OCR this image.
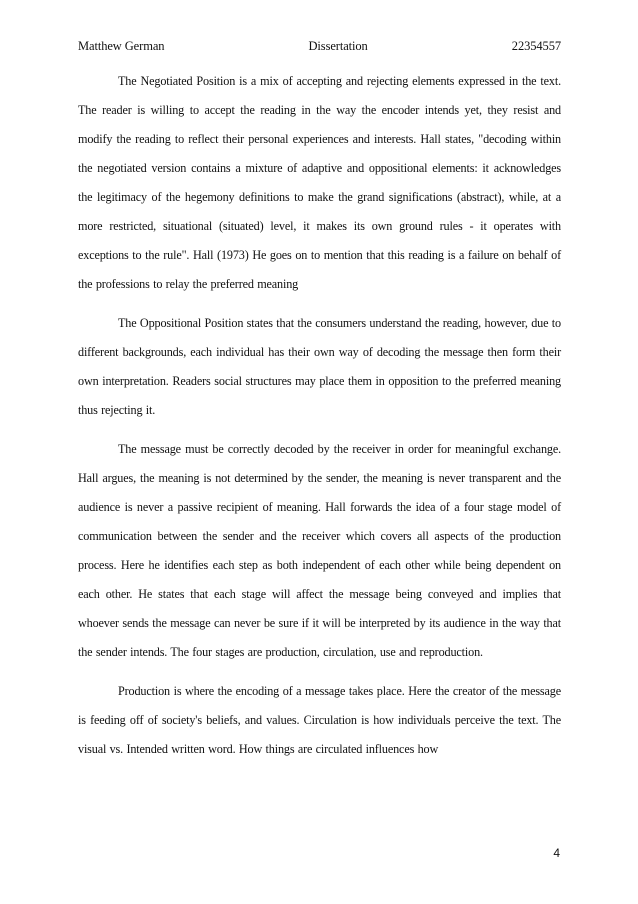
Matthew German	Dissertation	22354557

The Negotiated Position is a mix of accepting and rejecting elements expressed in the text. The reader is willing to accept the reading in the way the encoder intends yet, they resist and modify the reading to reflect their personal experiences and interests. Hall states, "decoding within the negotiated version contains a mixture of adaptive and oppositional elements: it acknowledges the legitimacy of the hegemony definitions to make the grand significations (abstract), while, at a more restricted, situational (situated) level, it makes its own ground rules - it operates with exceptions to the rule". Hall (1973) He goes on to mention that this reading is a failure on behalf of the professions to relay the preferred meaning

The Oppositional Position states that the consumers understand the reading, however, due to different backgrounds, each individual has their own way of decoding the message then form their own interpretation. Readers social structures may place them in opposition to the preferred meaning thus rejecting it.

The message must be correctly decoded by the receiver in order for meaningful exchange. Hall argues, the meaning is not determined by the sender, the meaning is never transparent and the audience is never a passive recipient of meaning. Hall forwards the idea of a four stage model of communication between the sender and the receiver which covers all aspects of the production process. Here he identifies each step as both independent of each other while being dependent on each other. He states that each stage will affect the message being conveyed and implies that whoever sends the message can never be sure if it will be interpreted by its audience in the way that the sender intends. The four stages are production, circulation, use and reproduction.

Production is where the encoding of a message takes place. Here the creator of the message is feeding off of society's beliefs, and values. Circulation is how individuals perceive the text. The visual vs. Intended written word. How things are circulated influences how

4
